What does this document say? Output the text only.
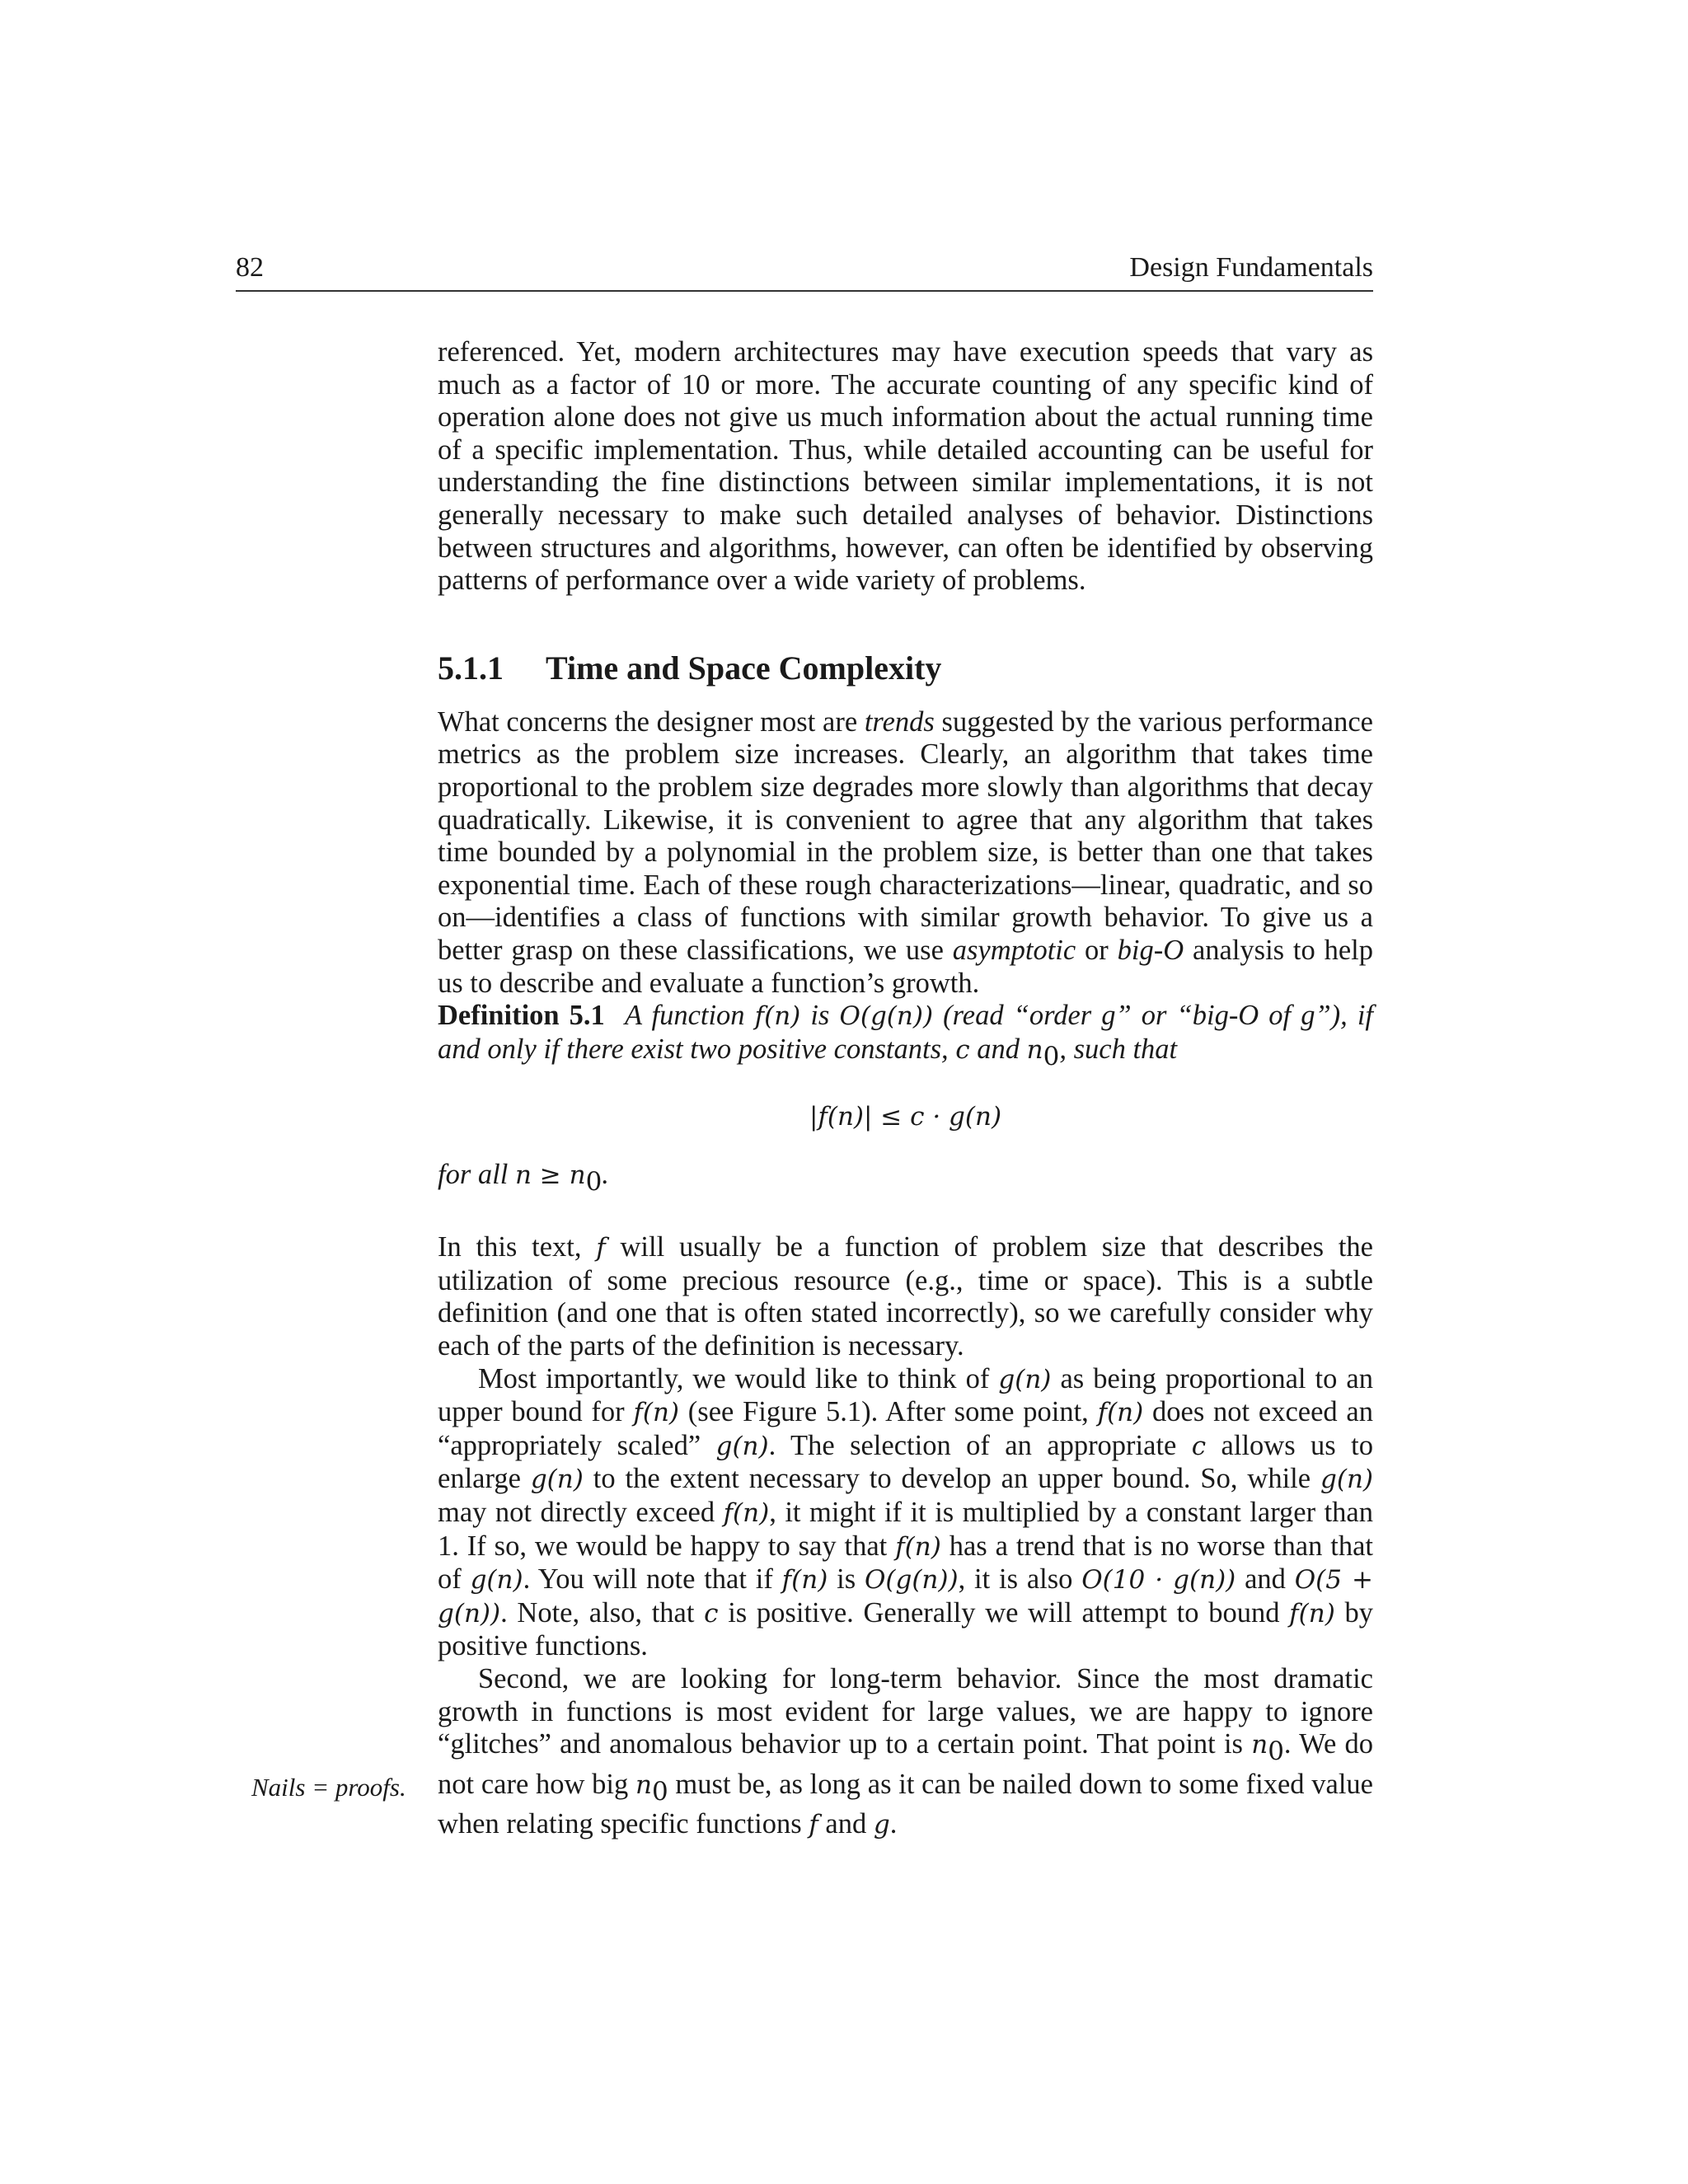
82	Design Fundamentals
Nails = proofs.

referenced. Yet, modern architectures may have execution speeds that vary as much as a factor of 10 or more. The accurate counting of any specific kind of operation alone does not give us much information about the actual running time of a specific implementation. Thus, while detailed accounting can be useful for understanding the fine distinctions between similar implementations, it is not generally necessary to make such detailed analyses of behavior. Distinctions between structures and algorithms, however, can often be identified by observing patterns of performance over a wide variety of problems.

5.1.1 Time and Space Complexity

What concerns the designer most are trends suggested by the various performance metrics as the problem size increases. Clearly, an algorithm that takes time proportional to the problem size degrades more slowly than algorithms that decay quadratically. Likewise, it is convenient to agree that any algorithm that takes time bounded by a polynomial in the problem size, is better than one that takes exponential time. Each of these rough characterizations—linear, quadratic, and so on—identifies a class of functions with similar growth behavior. To give us a better grasp on these classifications, we use asymptotic or big-O analysis to help us to describe and evaluate a function’s growth.

Definition 5.1 A function f(n) is O(g(n)) (read “order g” or “big-O of g”), if and only if there exist two positive constants, c and $n_0$, such that

|f(n)| ≤ c · g(n)

for all $n \ge n_0$.

In this text, f will usually be a function of problem size that describes the utilization of some precious resource (e.g., time or space). This is a subtle definition (and one that is often stated incorrectly), so we carefully consider why each of the parts of the definition is necessary.

Most importantly, we would like to think of g(n) as being proportional to an upper bound for f(n) (see Figure 5.1). After some point, f(n) does not exceed an “appropriately scaled” g(n). The selection of an appropriate c allows us to enlarge g(n) to the extent necessary to develop an upper bound. So, while g(n) may not directly exceed f(n), it might if it is multiplied by a constant larger than 1. If so, we would be happy to say that f(n) has a trend that is no worse than that of g(n). You will note that if f(n) is O(g(n)), it is also O(10 · g(n)) and O(5 + g(n)). Note, also, that c is positive. Generally we will attempt to bound f(n) by positive functions.

Second, we are looking for long-term behavior. Since the most dramatic growth in functions is most evident for large values, we are happy to ignore “glitches” and anomalous behavior up to a certain point. That point is $n_0$. We do not care how big $n_0$ must be, as long as it can be nailed down to some fixed value when relating specific functions f and g.
